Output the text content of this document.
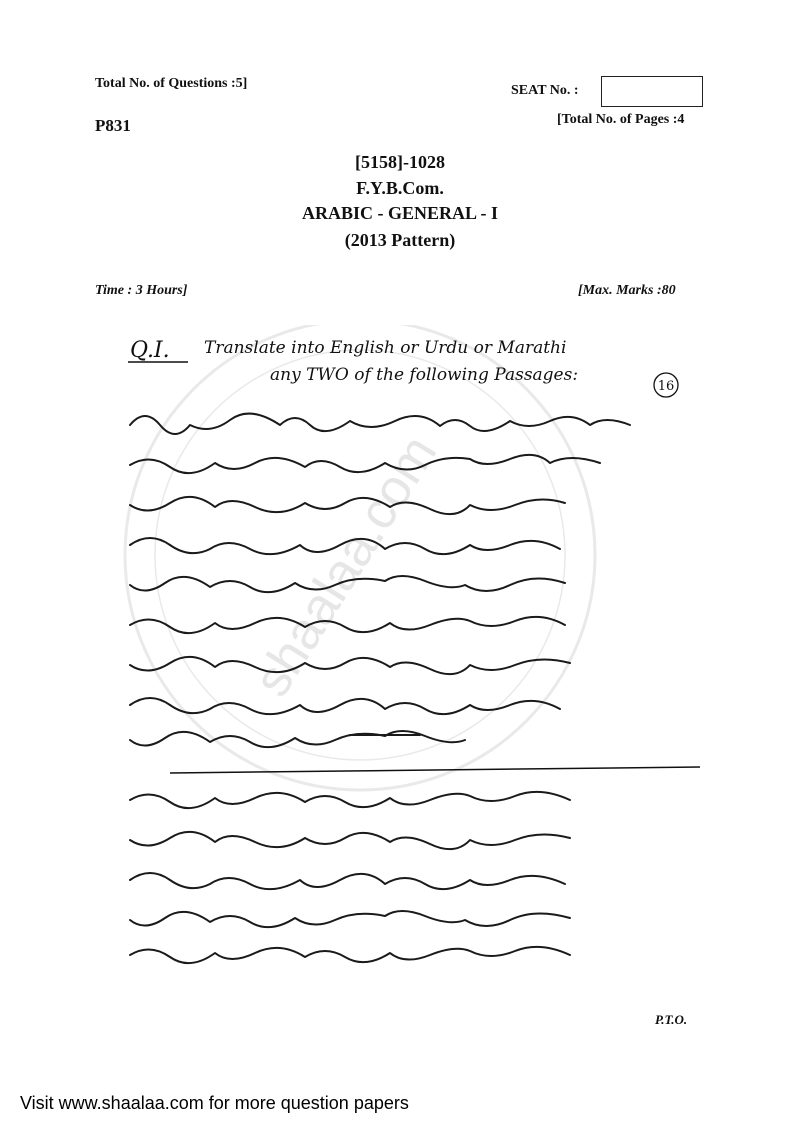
Total No. of Questions :5]	SEAT No. :
P831	[Total No. of Pages :4
[5158]-1028
F.Y.B.Com.
ARABIC - GENERAL - I
(2013 Pattern)
Time : 3 Hours]	[Max. Marks :80
shaalaa.com
Q.I. Translate into English or Urdu or Marathi
any TWO of the following Passages:
16
P.T.O.
Visit www.shaalaa.com for more question papers
